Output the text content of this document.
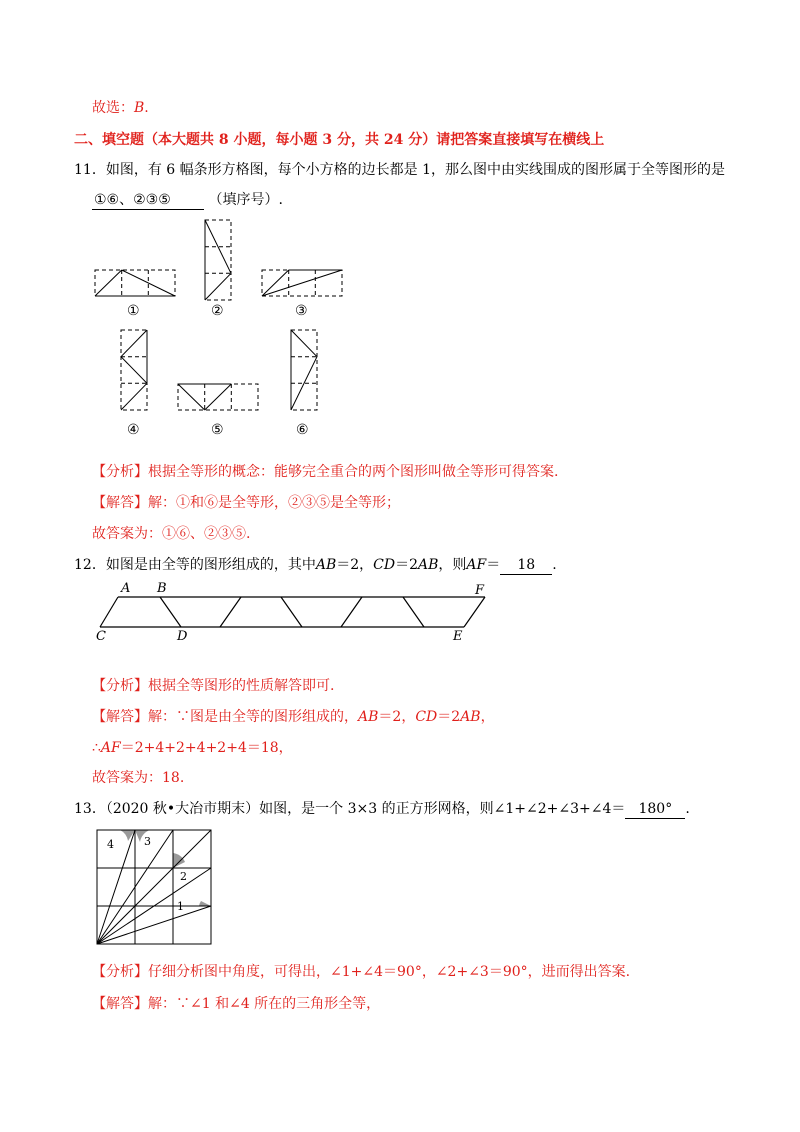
故选：B.
二、填空题（本大题共 8 小题，每小题 3 分，共 24 分）请把答案直接填写在横线上
11．如图，有 6 幅条形方格图，每个小方格的边长都是 1，那么图中由实线围成的图形属于全等图形的是
①⑥、②③⑤	（填序号）.
①	②	③
④	⑤	⑥
【分析】根据全等形的概念：能够完全重合的两个图形叫做全等形可得答案.
【解答】解：①和⑥是全等形，②③⑤是全等形；
故答案为：①⑥、②③⑤.
12．如图是由全等的图形组成的，其中AB＝2，CD＝2AB，则AF＝ 18 .
A B	F
C	D	E
【分析】根据全等图形的性质解答即可.
【解答】解：∵图是由全等的图形组成的，AB＝2，CD＝2AB，
∴AF＝2+4+2+4+2+4＝18，
故答案为：18.
13．（2020 秋•大冶市期末）如图，是一个 3×3 的正方形网格，则∠1+∠2+∠3+∠4＝ 180° .
4	3
2
1
【分析】仔细分析图中角度，可得出，∠1+∠4＝90°，∠2+∠3＝90°，进而得出答案.
【解答】解：∵∠1 和∠4 所在的三角形全等，
